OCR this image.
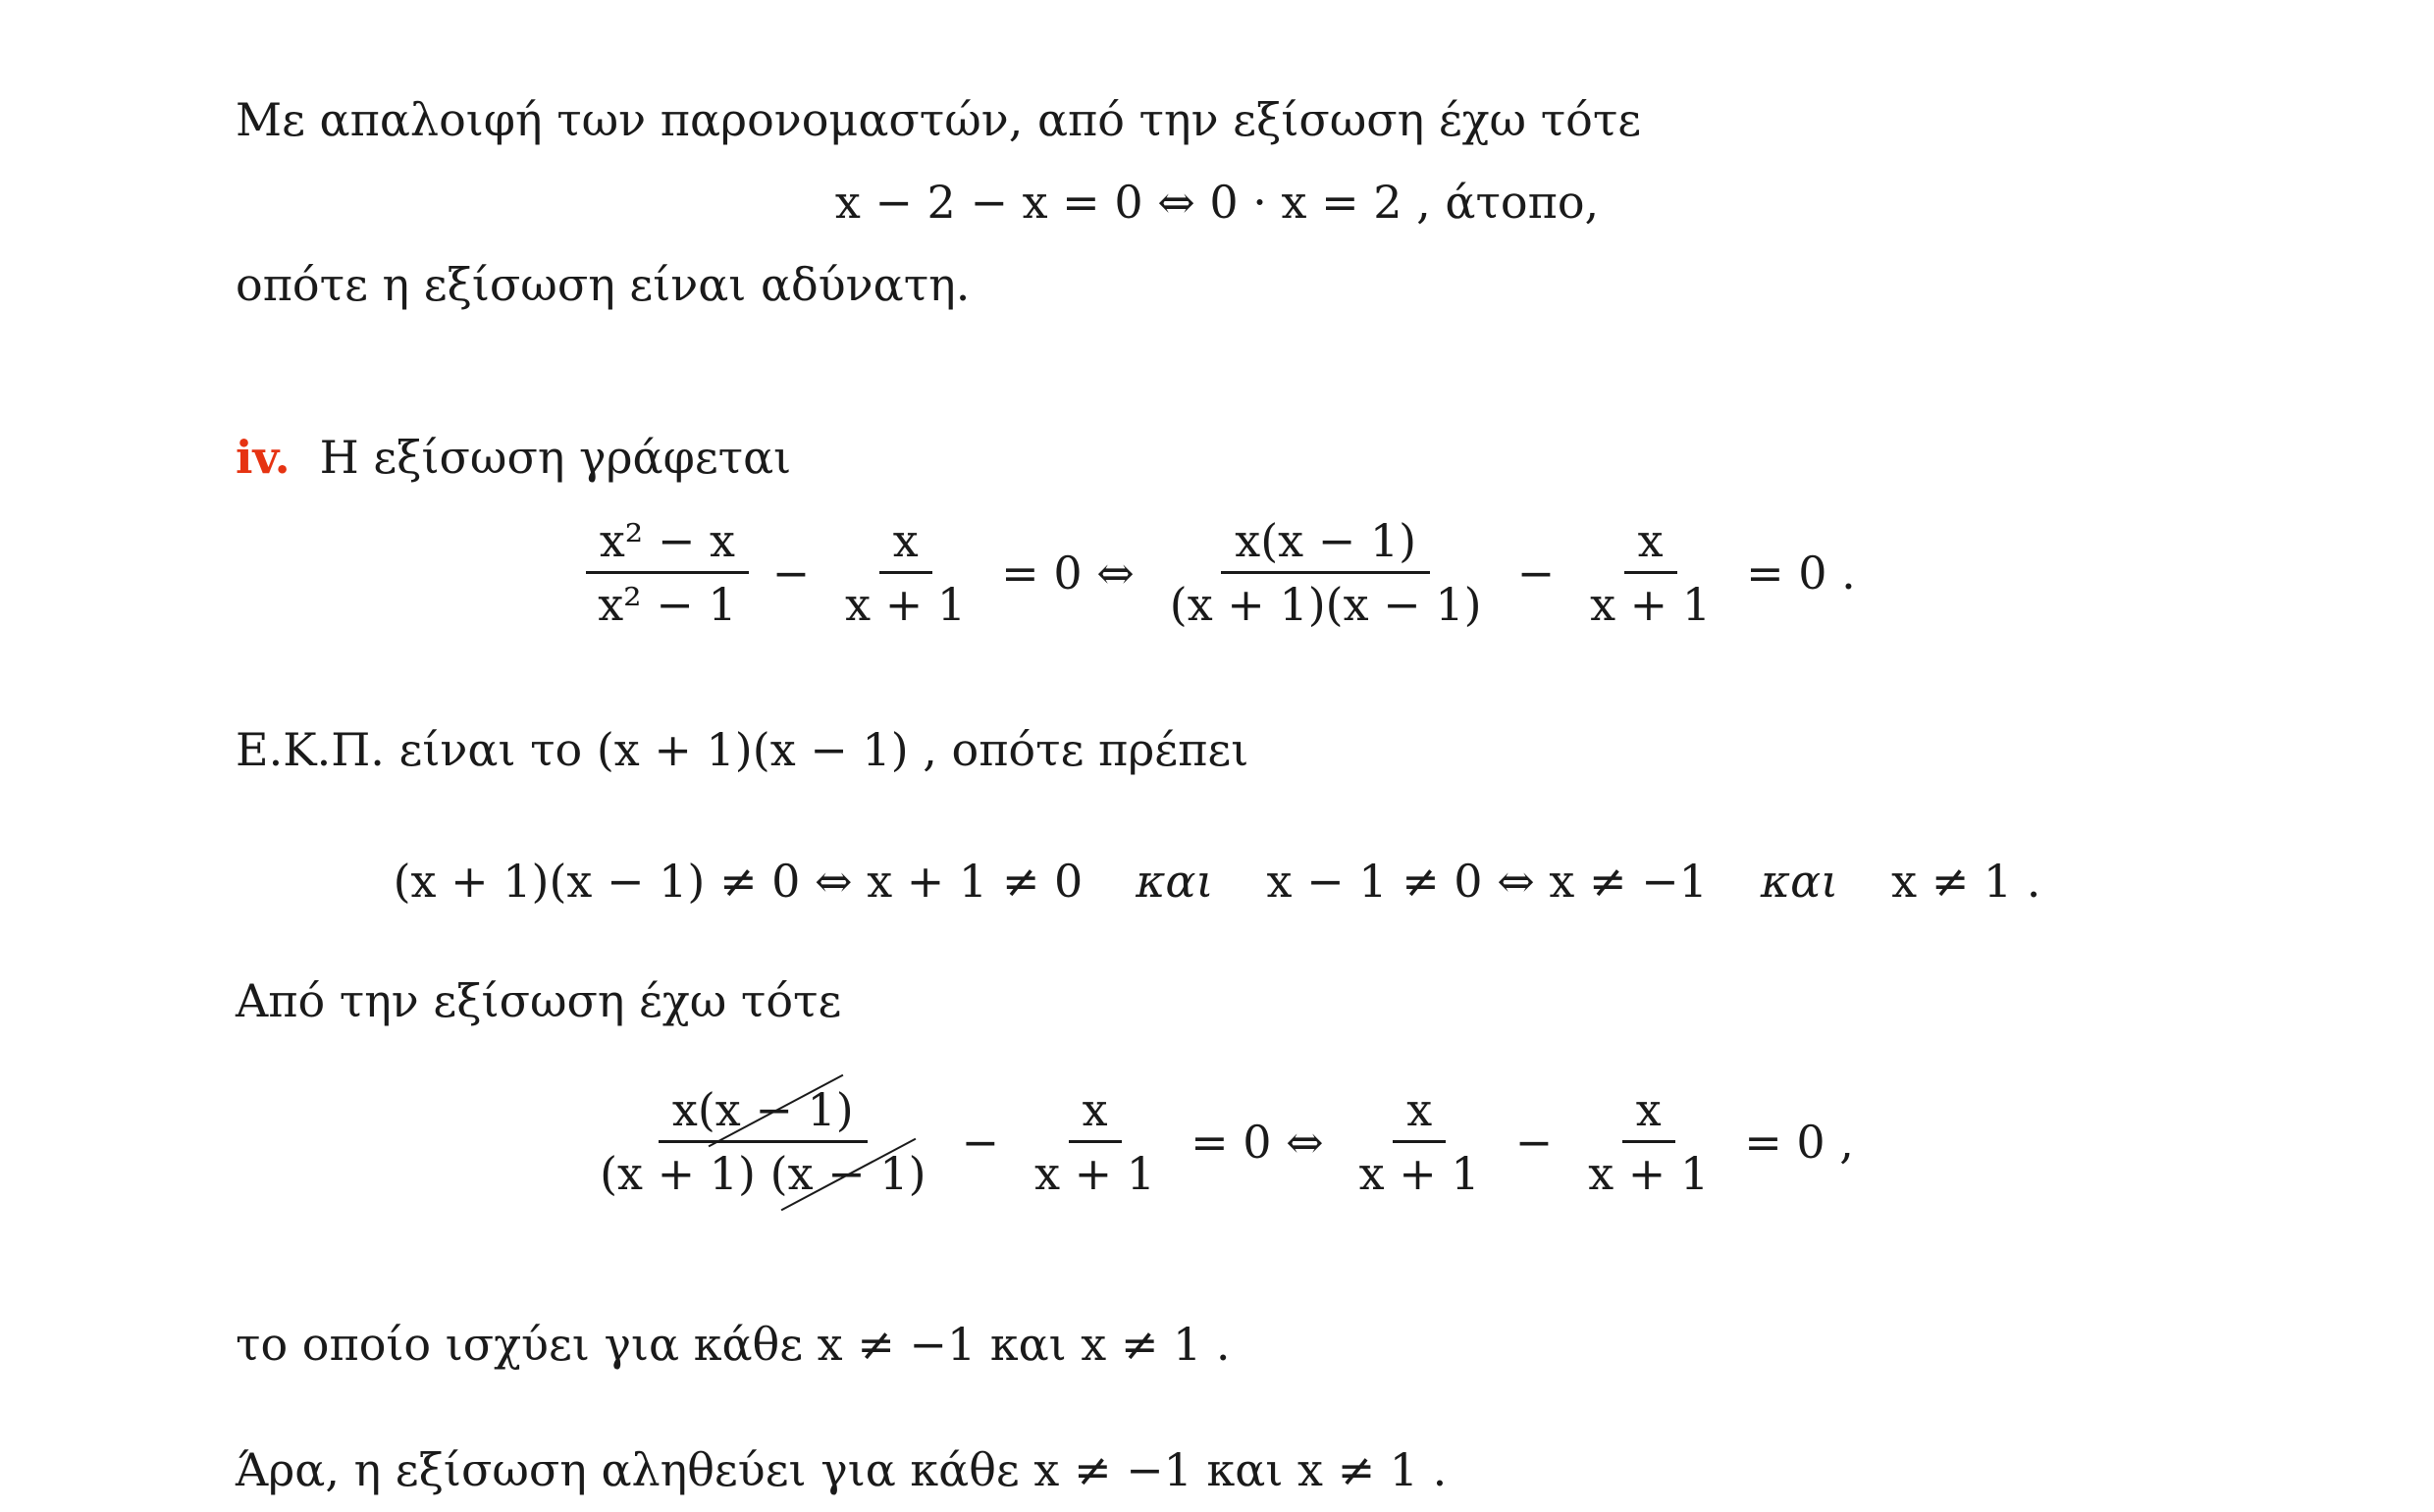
Με απαλοιφή των παρονομαστών, από την εξίσωση έχω τότε
x − 2 − x = 0 ⇔ 0 · x = 2 , άτοπο,
οπότε η εξίσωση είναι αδύνατη.
iv. Η εξίσωση γράφεται
$\frac{\text{x² − x}}{\text{x² − 1}} - \frac{x}{x + 1} = 0$ ⇔ $\frac{x(x - 1)}{(x + 1)(x - 1)} - \frac{x}{x + 1} = 0$ .
Ε.Κ.Π. είναι το (x + 1)(x − 1) , οπότε πρέπει
(x + 1)(x − 1) ≠ 0 ⇔ x + 1 ≠ 0 και x − 1 ≠ 0 ⇔ x ≠ −1 και x ≠ 1 .
Από την εξίσωση έχω τότε
$\frac{x(x - 1)}{(x + 1) (x - 1)} - \frac{x}{x + 1} = 0$ ⇔ $\frac{x}{x + 1} - \frac{x}{x + 1} = 0$ ,
το οποίο ισχύει για κάθε x ≠ −1 και x ≠ 1 .
Άρα, η εξίσωση αληθεύει για κάθε x ≠ −1 και x ≠ 1 .
